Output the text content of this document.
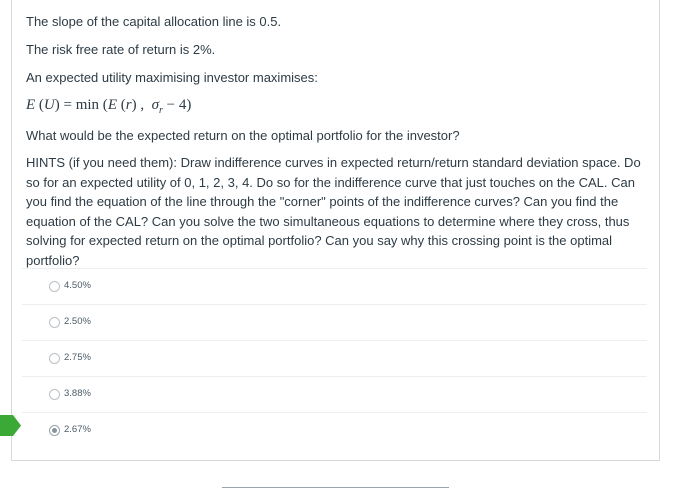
The slope of the capital allocation line is 0.5.
The risk free rate of return is 2%.
An expected utility maximising investor maximises:
E (U) = min (E (r) ,  $\sigma_r - 4$)
What would be the expected return on the optimal portfolio for the investor?
HINTS (if you need them): Draw indifference curves in expected return/return standard deviation space. Do so for an expected utility of 0, 1, 2, 3, 4. Do so for the indifference curve that just touches on the CAL. Can you find the equation of the line through the "corner" points of the indifference curves? Can you find the equation of the CAL? Can you solve the two simultaneous equations to determine where they cross, thus solving for expected return on the optimal portfolio? Can you say why this crossing point is the optimal portfolio?
4.50%
2.50%
2.75%
3.88%
2.67%
